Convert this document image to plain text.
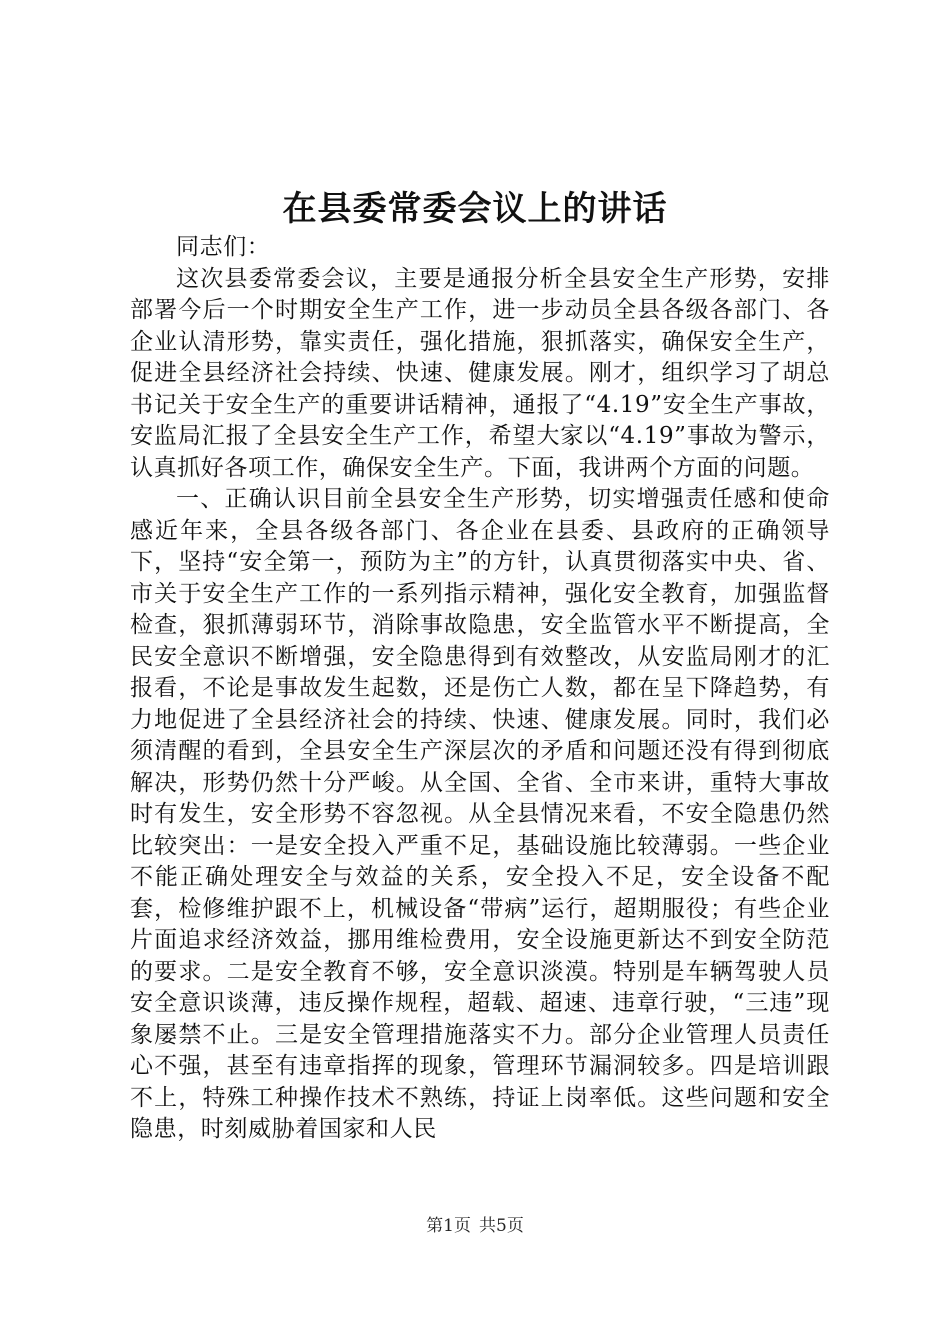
在县委常委会议上的讲话

同志们：

这次县委常委会议，主要是通报分析全县安全生产形势，安排部署今后一个时期安全生产工作，进一步动员全县各级各部门、各企业认清形势，靠实责任，强化措施，狠抓落实，确保安全生产，促进全县经济社会持续、快速、健康发展。刚才，组织学习了胡总书记关于安全生产的重要讲话精神，通报了“4.19”安全生产事故，安监局汇报了全县安全生产工作，希望大家以“4.19”事故为警示，认真抓好各项工作，确保安全生产。下面，我讲两个方面的问题。

一、正确认识目前全县安全生产形势，切实增强责任感和使命感近年来，全县各级各部门、各企业在县委、县政府的正确领导下，坚持“安全第一，预防为主”的方针，认真贯彻落实中央、省、市关于安全生产工作的一系列指示精神，强化安全教育，加强监督检查，狠抓薄弱环节，消除事故隐患，安全监管水平不断提高，全民安全意识不断增强，安全隐患得到有效整改，从安监局刚才的汇报看，不论是事故发生起数，还是伤亡人数，都在呈下降趋势，有力地促进了全县经济社会的持续、快速、健康发展。同时，我们必须清醒的看到，全县安全生产深层次的矛盾和问题还没有得到彻底解决，形势仍然十分严峻。从全国、全省、全市来讲，重特大事故时有发生，安全形势不容忽视。从全县情况来看，不安全隐患仍然比较突出：一是安全投入严重不足，基础设施比较薄弱。一些企业不能正确处理安全与效益的关系，安全投入不足，安全设备不配套，检修维护跟不上，机械设备“带病”运行，超期服役；有些企业片面追求经济效益，挪用维检费用，安全设施更新达不到安全防范的要求。二是安全教育不够，安全意识淡漠。特别是车辆驾驶人员安全意识谈薄，违反操作规程，超载、超速、违章行驶，“三违”现象屡禁不止。三是安全管理措施落实不力。部分企业管理人员责任心不强，甚至有违章指挥的现象，管理环节漏洞较多。四是培训跟不上，特殊工种操作技术不熟练，持证上岗率低。这些问题和安全隐患，时刻威胁着国家和人民

第1页 共5页
